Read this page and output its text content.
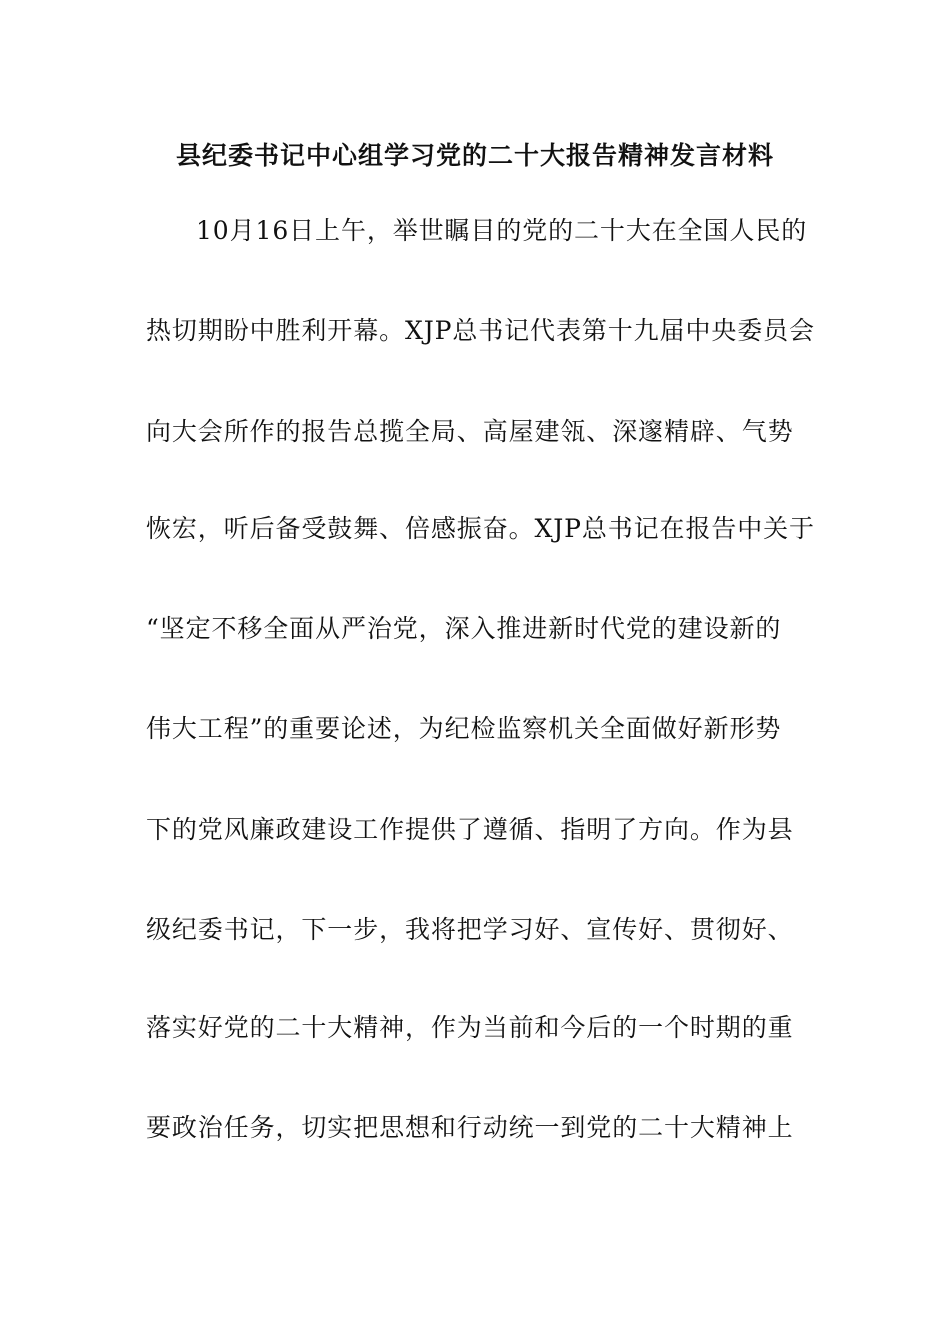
县纪委书记中心组学习党的二十大报告精神发言材料
10月16日上午，举世瞩目的党的二十大在全国人民的
热切期盼中胜利开幕。XJP总书记代表第十九届中央委员会
向大会所作的报告总揽全局、高屋建瓴、深邃精辟、气势
恢宏，听后备受鼓舞、倍感振奋。XJP总书记在报告中关于
“坚定不移全面从严治党，深入推进新时代党的建设新的
伟大工程”的重要论述，为纪检监察机关全面做好新形势
下的党风廉政建设工作提供了遵循、指明了方向。作为县
级纪委书记，下一步，我将把学习好、宣传好、贯彻好、
落实好党的二十大精神，作为当前和今后的一个时期的重
要政治任务，切实把思想和行动统一到党的二十大精神上
